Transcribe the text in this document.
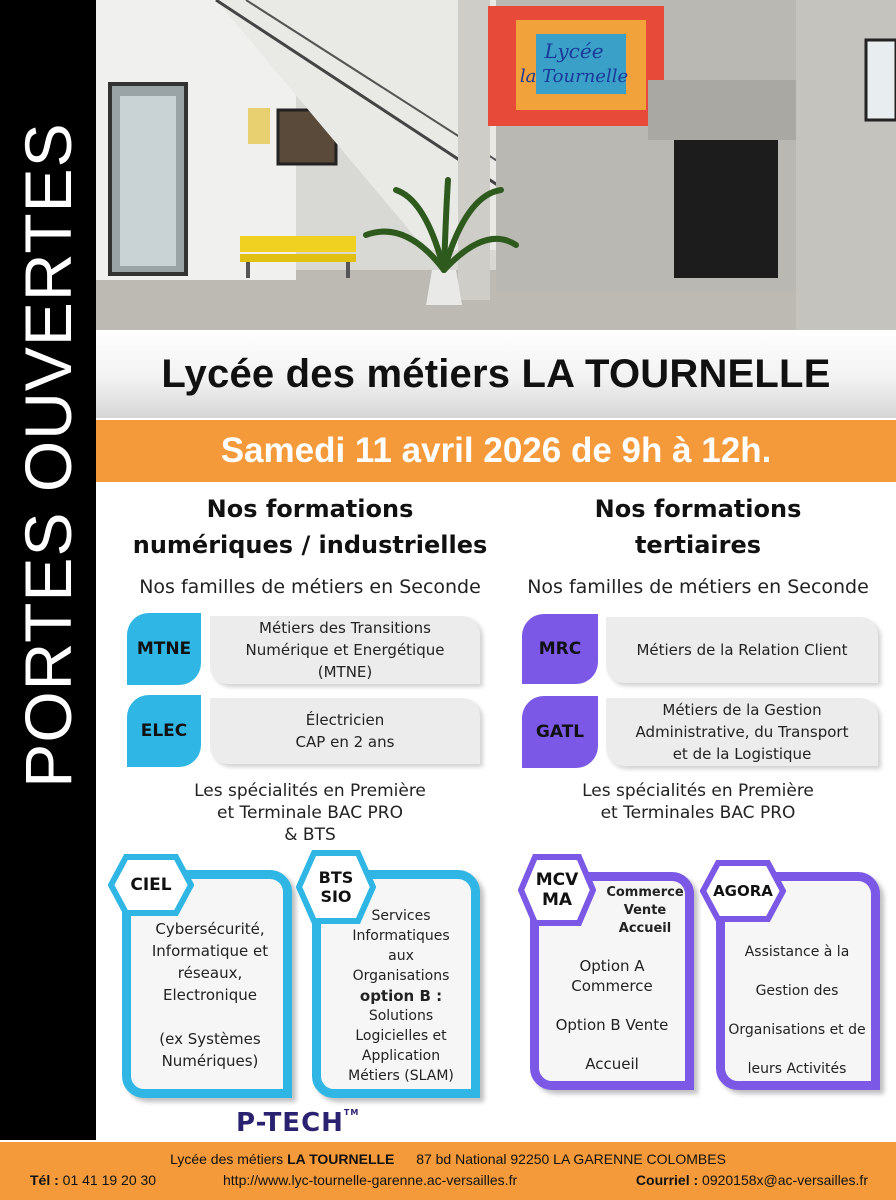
PORTES OUVERTES
Lycée
la Tournelle
Lycée des métiers LA TOURNELLE
Samedi 11 avril 2026 de 9h à 12h.
Nos formations
numériques / industrielles
Nos familles de métiers en Seconde
MTNE
Métiers des Transitions
Numérique et Energétique
(MTNE)
ELEC
Électricien
CAP en 2 ans
Les spécialités en Première
et Terminale BAC PRO
& BTS
CIEL
Cybersécurité,
Informatique et
réseaux,
Electronique
(ex Systèmes
Numériques)
BTS
SIO
Services
Informatiques
aux
Organisations
option B :
Solutions
Logicielles et
Application
Métiers (SLAM)
Nos formations
tertiaires
Nos familles de métiers en Seconde
MRC	Métiers de la Relation Client
GATL
Métiers de la Gestion
Administrative, du Transport
et de la Logistique
Les spécialités en Première
et Terminales BAC PRO
MCV
MA	Commerce
Vente
Accueil
Option A
Commerce
Option B Vente
Accueil
AGORA
Assistance à la
Gestion des
Organisations et de
leurs Activités
P-TECH™
Lycée des métiers LA TOURNELLE 87 bd National 92250 LA GARENNE COLOMBES
Tél : 01 41 19 20 30	http://www.lyc-tournelle-garenne.ac-versailles.fr	Courriel : 0920158x@ac-versailles.fr
